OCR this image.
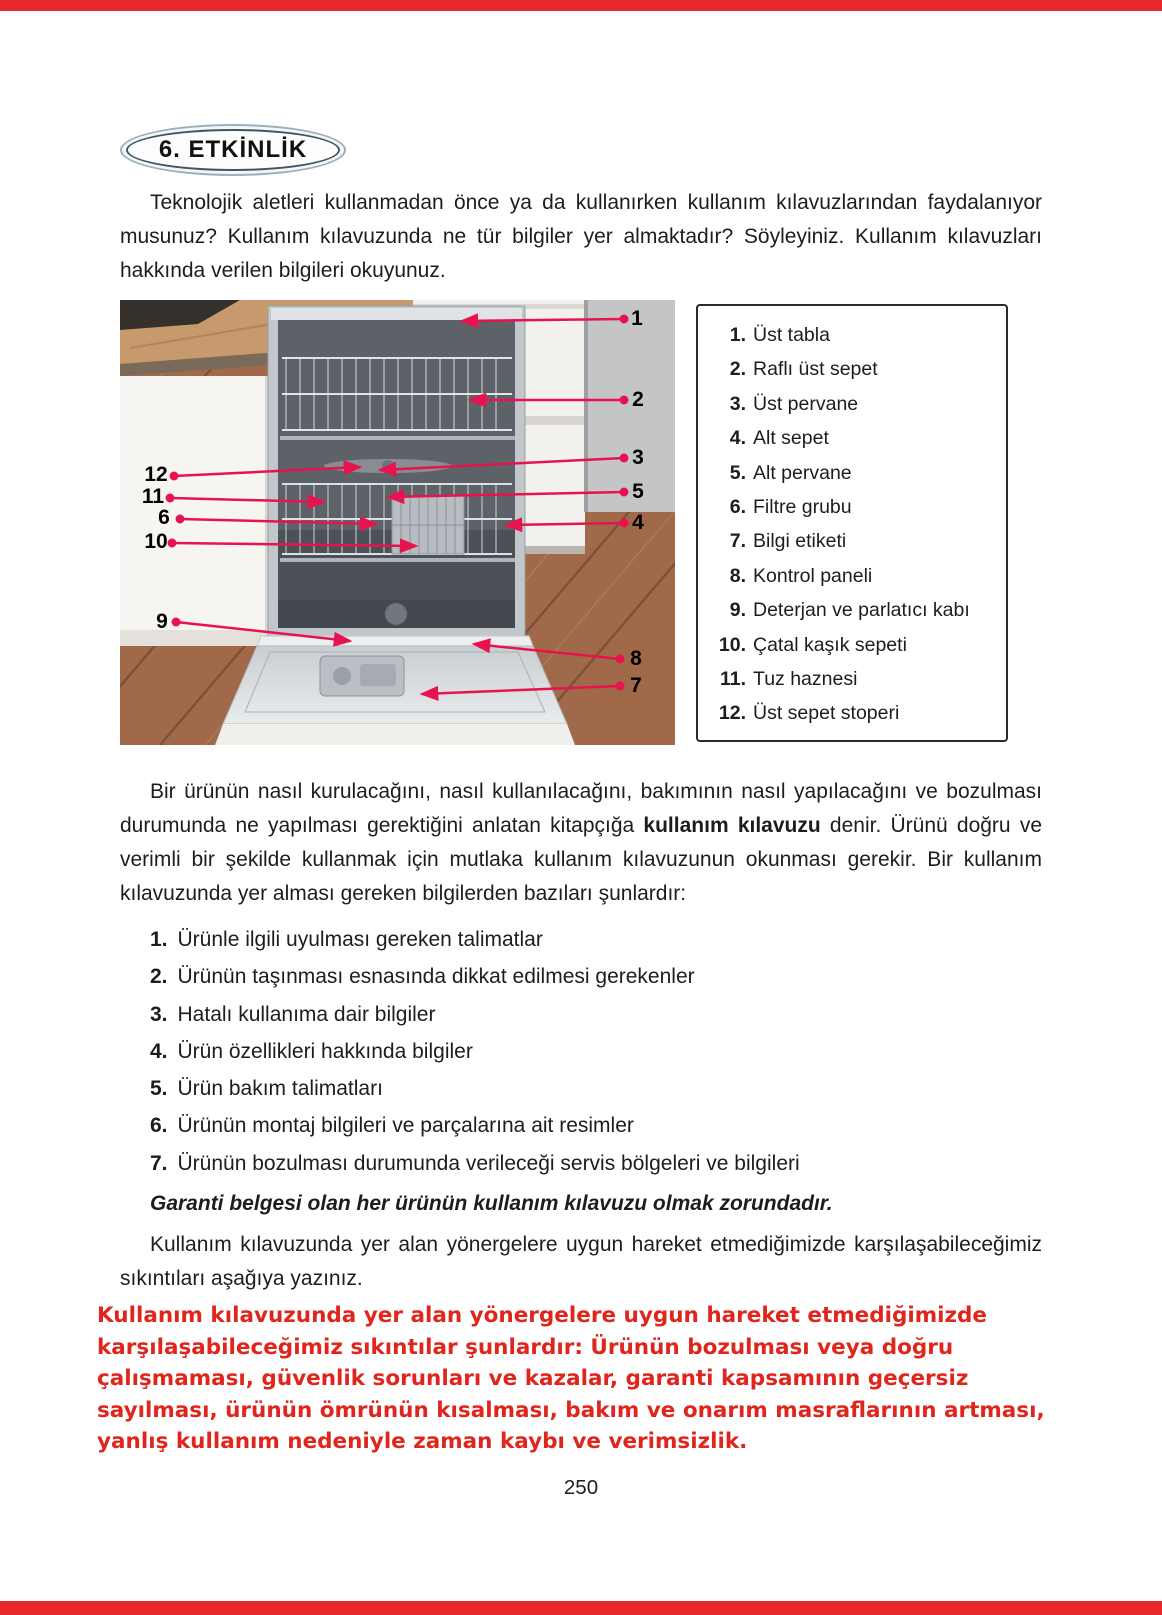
6. ETKİNLİK

Teknolojik aletleri kullanmadan önce ya da kullanırken kullanım kılavuzlarından faydalanıyor musunuz? Kullanım kılavuzunda ne tür bilgiler yer almaktadır? Söyleyiniz. Kullanım kılavuzları hakkında verilen bilgileri okuyunuz.

1
2
3
5
4
12
11
6
10
9
8
7
1. Üst tabla
2. Raflı üst sepet
3. Üst pervane
4. Alt sepet
5. Alt pervane
6. Filtre grubu
7. Bilgi etiketi
8. Kontrol paneli
9. Deterjan ve parlatıcı kabı
10. Çatal kaşık sepeti
11. Tuz haznesi
12. Üst sepet stoperi

Bir ürünün nasıl kurulacağını, nasıl kullanılacağını, bakımının nasıl yapılacağını ve bozulması durumunda ne yapılması gerektiğini anlatan kitapçığa kullanım kılavuzu denir. Ürünü doğru ve verimli bir şekilde kullanmak için mutlaka kullanım kılavuzunun okunması gerekir. Bir kullanım kılavuzunda yer alması gereken bilgilerden bazıları şunlardır:

1. Ürünle ilgili uyulması gereken talimatlar
2. Ürünün taşınması esnasında dikkat edilmesi gerekenler
3. Hatalı kullanıma dair bilgiler
4. Ürün özellikleri hakkında bilgiler
5. Ürün bakım talimatları
6. Ürünün montaj bilgileri ve parçalarına ait resimler
7. Ürünün bozulması durumunda verileceği servis bölgeleri ve bilgileri

Garanti belgesi olan her ürünün kullanım kılavuzu olmak zorundadır.

Kullanım kılavuzunda yer alan yönergelere uygun hareket etmediğimizde karşılaşabileceğimiz sıkıntıları aşağıya yazınız.

Kullanım kılavuzunda yer alan yönergelere uygun hareket etmediğimizde karşılaşabileceğimiz sıkıntılar şunlardır: Ürünün bozulması veya doğru çalışmaması, güvenlik sorunları ve kazalar, garanti kapsamının geçersiz sayılması, ürünün ömrünün kısalması, bakım ve onarım masraflarının artması, yanlış kullanım nedeniyle zaman kaybı ve verimsizlik.

250
